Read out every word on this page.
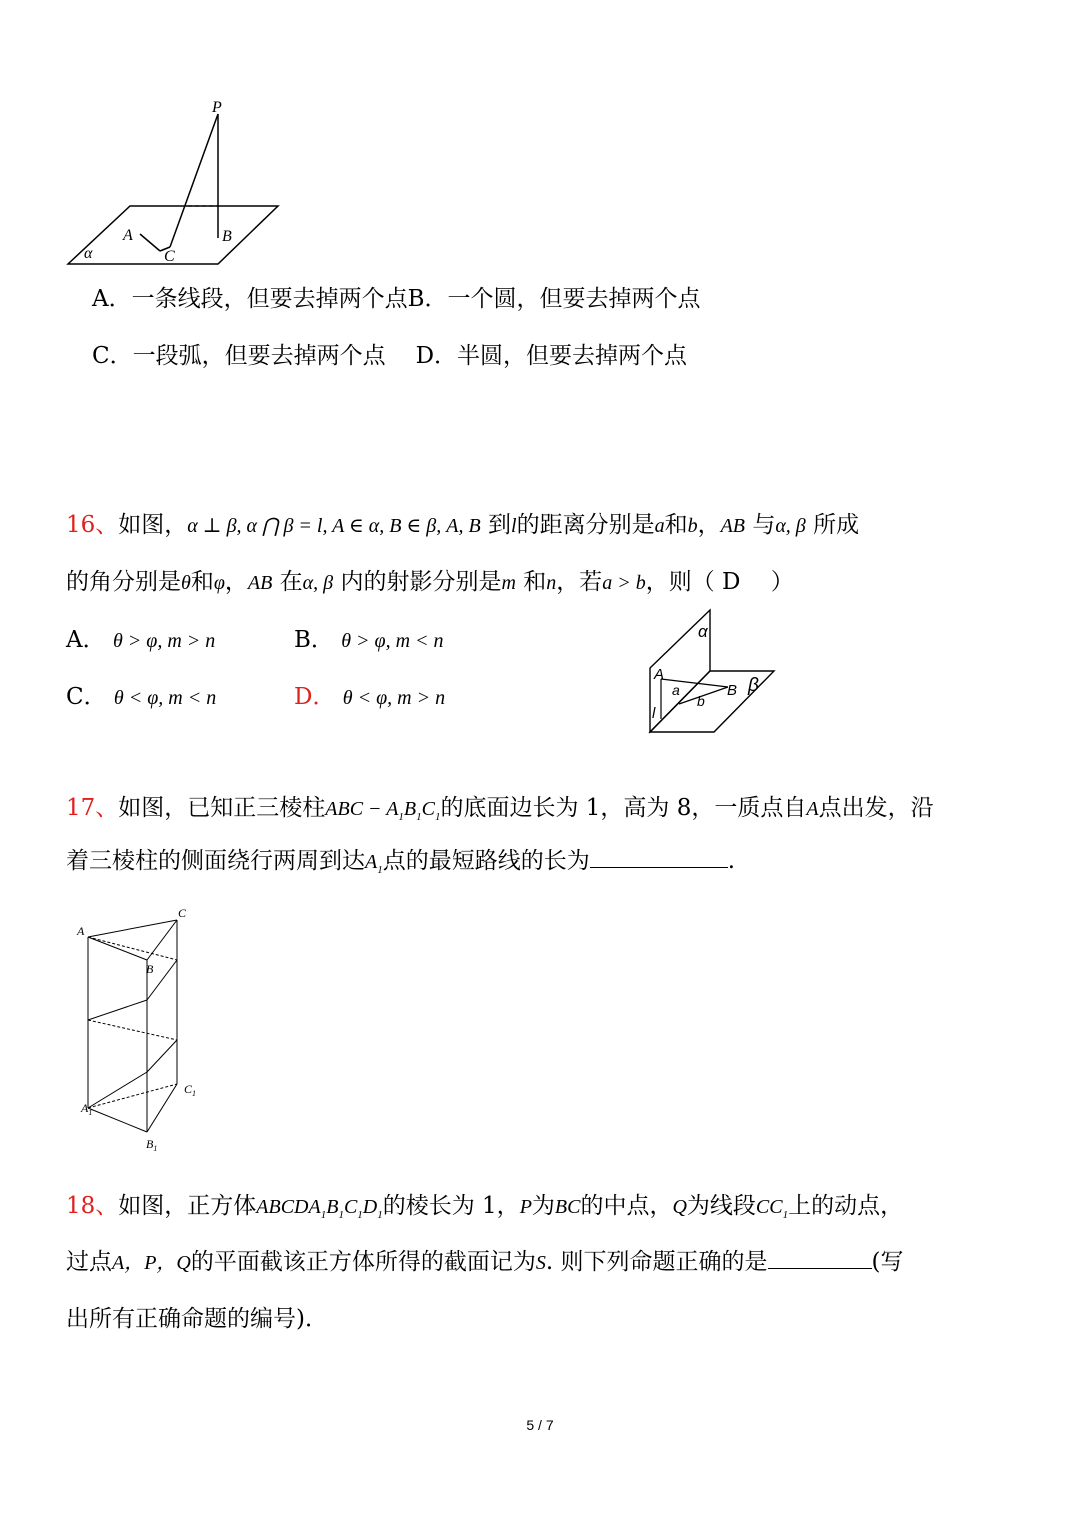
P
A	B
C
α
A．一条线段，但要去掉两个点B．一个圆，但要去掉两个点
C．一段弧，但要去掉两个点 D．半圆，但要去掉两个点
16、如图，α ⊥ β, α ⋂ β = l, A ∈ α, B ∈ β, A, B 到l的距离分别是a和b，AB 与α, β 所成
的角分别是θ和φ，AB 在α, β 内的射影分别是m 和n，若a > b，则（ D　 ）
A． θ > φ, m > n	B． θ > φ, m < n
C． θ < φ, m < n	D． θ < φ, m > n
α
β
A
B
a
b
l
17、如图，已知正三棱柱ABC − $A_1B_1C_1$的底面边长为 1，高为 8，一质点自A点出发，沿
着三棱柱的侧面绕行两周到达$A_1$点的最短路线的长为	.
A
C
B
$A_1$
$C_1$
$B_1$
18、如图，正方体$ABCDA_1B_1C_1D_1$的棱长为 1，P为BC的中点，Q为线段$CC_1$上的动点，
过点A，P，Q的平面截该正方体所得的截面记为S. 则下列命题正确的是	(写
出所有正确命题的编号)．
5 / 7
